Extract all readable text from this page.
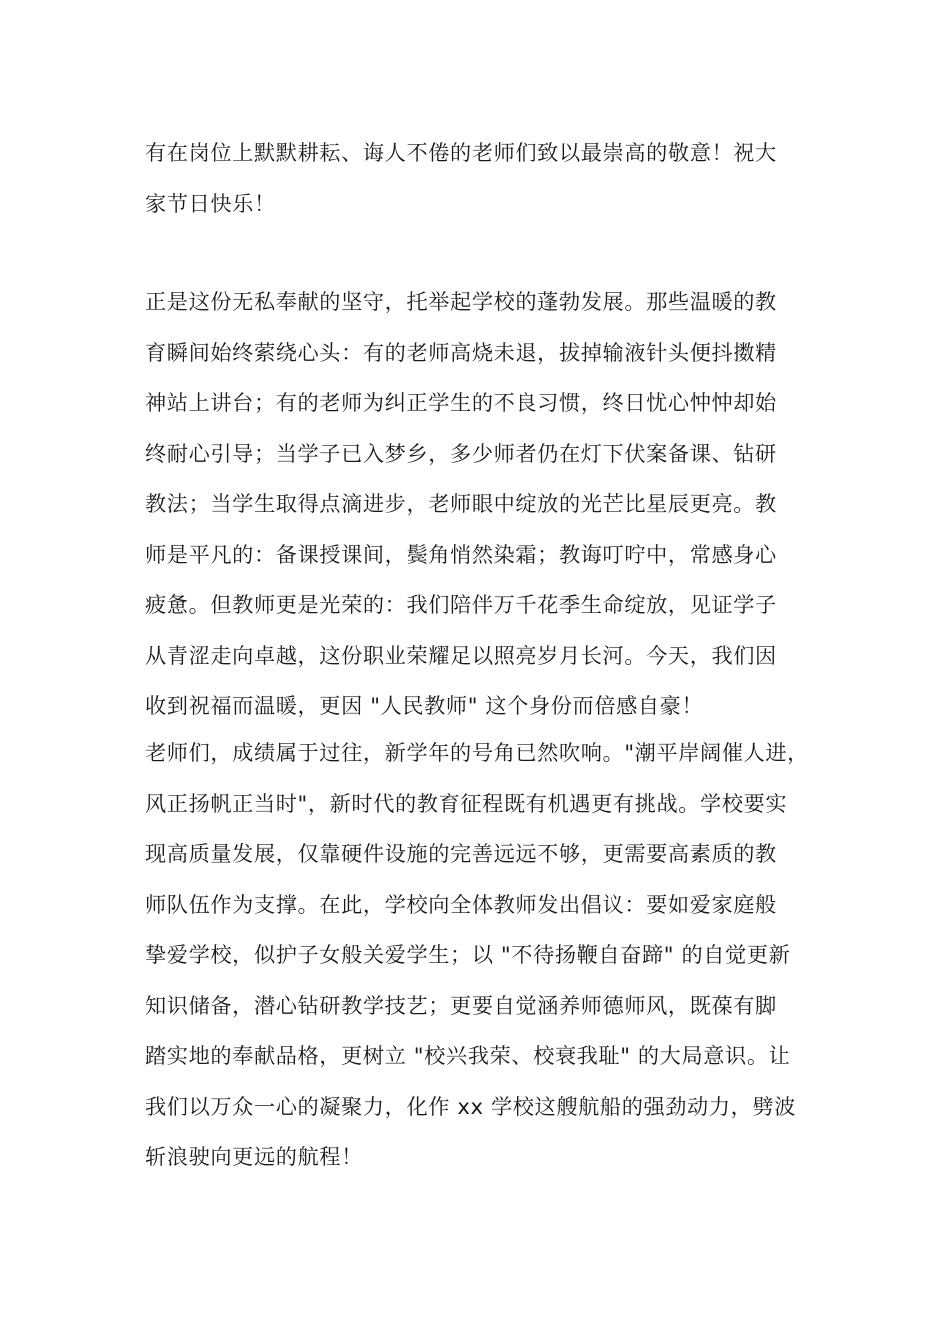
有在岗位上默默耕耘、诲人不倦的老师们致以最崇高的敬意！祝大
家节日快乐！

正是这份无私奉献的坚守，托举起学校的蓬勃发展。那些温暖的教
育瞬间始终萦绕心头：有的老师高烧未退，拔掉输液针头便抖擞精
神站上讲台；有的老师为纠正学生的不良习惯，终日忧心忡忡却始
终耐心引导；当学子已入梦乡，多少师者仍在灯下伏案备课、钻研
教法；当学生取得点滴进步，老师眼中绽放的光芒比星辰更亮。教
师是平凡的：备课授课间，鬓角悄然染霜；教诲叮咛中，常感身心
疲惫。但教师更是光荣的：我们陪伴万千花季生命绽放，见证学子
从青涩走向卓越，这份职业荣耀足以照亮岁月长河。今天，我们因
收到祝福而温暖，更因 "人民教师" 这个身份而倍感自豪！

老师们，成绩属于过往，新学年的号角已然吹响。"潮平岸阔催人进，
风正扬帆正当时"，新时代的教育征程既有机遇更有挑战。学校要实
现高质量发展，仅靠硬件设施的完善远远不够，更需要高素质的教
师队伍作为支撑。在此，学校向全体教师发出倡议：要如爱家庭般
挚爱学校，似护子女般关爱学生；以 "不待扬鞭自奋蹄" 的自觉更新
知识储备，潜心钻研教学技艺；更要自觉涵养师德师风，既葆有脚
踏实地的奉献品格，更树立 "校兴我荣、校衰我耻" 的大局意识。让
我们以万众一心的凝聚力，化作 xx 学校这艘航船的强劲动力，劈波
斩浪驶向更远的航程！
